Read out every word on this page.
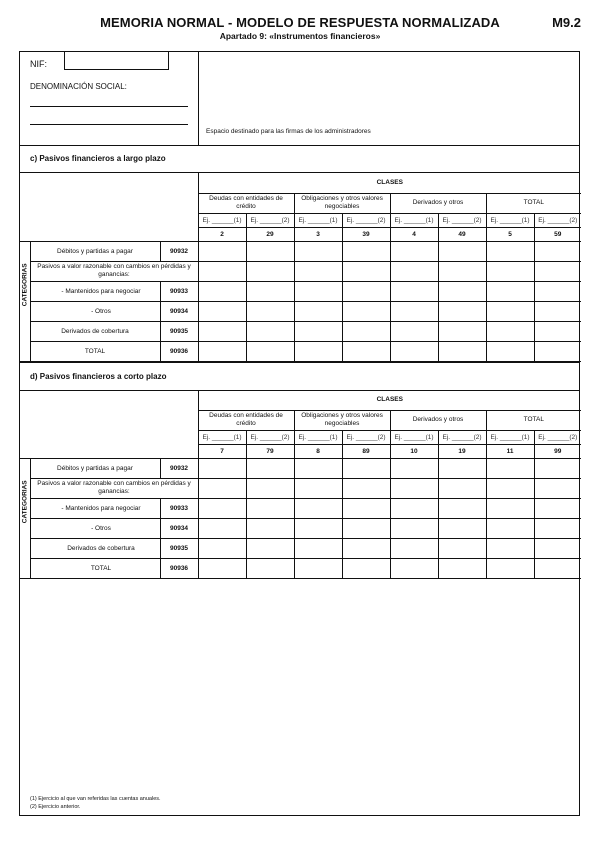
MEMORIA NORMAL - MODELO DE RESPUESTA NORMALIZADA
Apartado 9: «Instrumentos financieros»
M9.2
NIF:
DENOMINACIÓN SOCIAL:
Espacio destinado para las firmas de los administradores
c) Pasivos financieros a largo plazo
			CLASES							
			Deudas con entidades de crédito		Obligaciones y otros valores negociables		Derivados y otros		TOTAL	
			Ej. ______(1)	Ej. ______(2)	Ej. ______(1)	Ej. ______(2)	Ej. ______(1)	Ej. ______(2)	Ej. ______(1)	Ej. ______(2)
			2	29	3	39	4	49	5	59

CATEGORIAS	Débitos y partidas a pagar	90932								
	Pasivos a valor razonable con cambios en pérdidas y ganancias:									
	- Mantenidos para negociar	90933								
	- Otros	90934								
	Derivados de cobertura	90935								
	TOTAL	90936								
d) Pasivos financieros a corto plazo
			CLASES							
			Deudas con entidades de crédito		Obligaciones y otros valores negociables		Derivados y otros		TOTAL	
			Ej. ______(1)	Ej. ______(2)	Ej. ______(1)	Ej. ______(2)	Ej. ______(1)	Ej. ______(2)	Ej. ______(1)	Ej. ______(2)
			7	79	8	89	10	19	11	99

CATEGORIAS	Débitos y partidas a pagar	90932								
	Pasivos a valor razonable con cambios en pérdidas y ganancias:									
	- Mantenidos para negociar	90933								
	- Otros	90934								
	Derivados de cobertura	90935								
	TOTAL	90936								
(1) Ejercicio al que van referidas las cuentas anuales.
(2) Ejercicio anterior.
